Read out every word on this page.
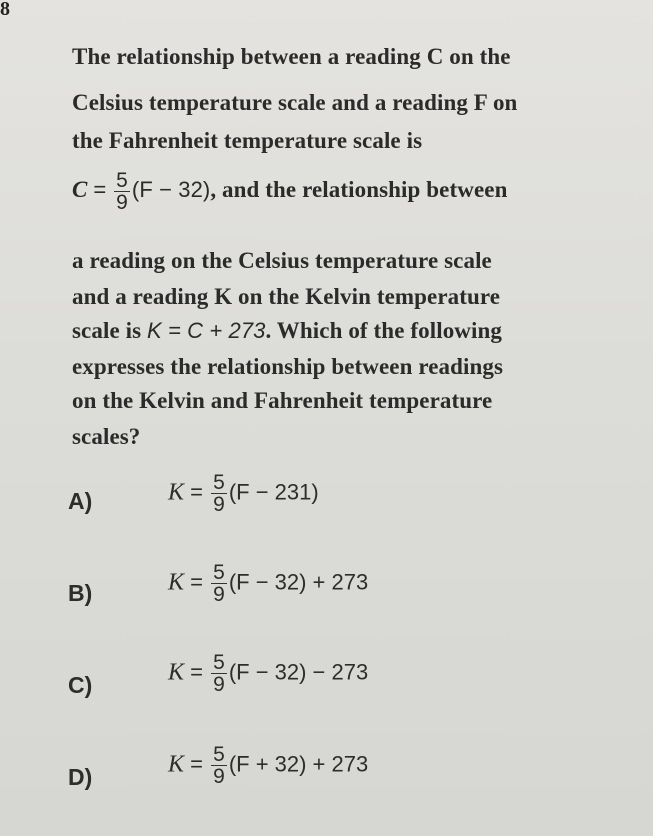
8
The relationship between a reading C on the
Celsius temperature scale and a reading F on
the Fahrenheit temperature scale is
$C = \frac{5}{9} (F - 32)$, and the relationship between
a reading on the Celsius temperature scale
and a reading K on the Kelvin temperature
scale is K = C + 273. Which of the following
expresses the relationship between readings
on the Kelvin and Fahrenheit temperature
scales?
A)	$K = \frac{5}{9} (F - 231)$
B)	$K = \frac{5}{9} (F - 32) + 273$
C)	$K = \frac{5}{9} (F - 32) - 273$
D)	$K = \frac{5}{9} (F + 32) + 273$
